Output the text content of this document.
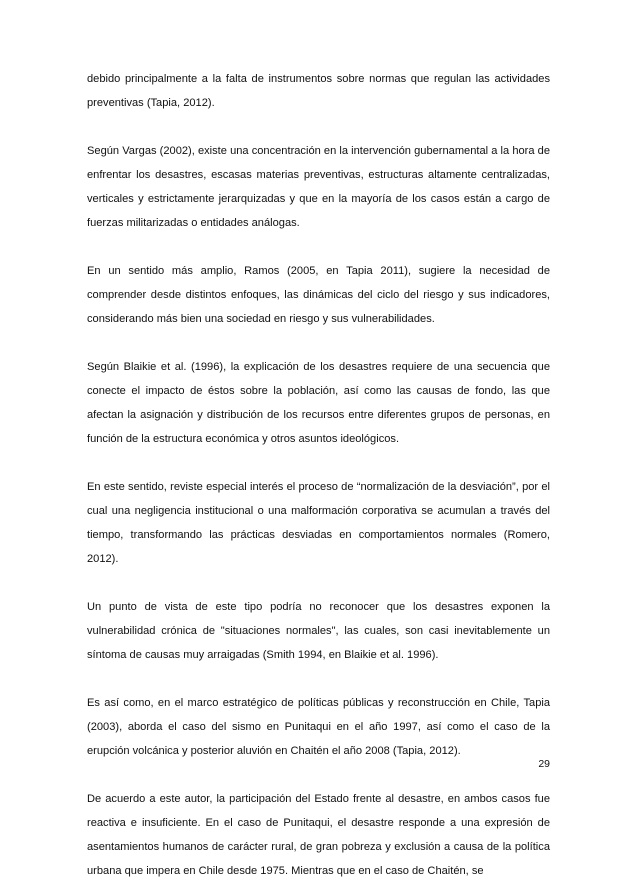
debido principalmente a la falta de instrumentos sobre normas que regulan las actividades preventivas (Tapia, 2012).

Según Vargas (2002), existe una concentración en la intervención gubernamental a la hora de enfrentar los desastres, escasas materias preventivas, estructuras altamente centralizadas, verticales y estrictamente jerarquizadas y que en la mayoría de los casos están a cargo de fuerzas militarizadas o entidades análogas.

En un sentido más amplio, Ramos (2005, en Tapia 2011), sugiere la necesidad de comprender desde distintos enfoques, las dinámicas del ciclo del riesgo y sus indicadores, considerando más bien una sociedad en riesgo y sus vulnerabilidades.

Según Blaikie et al. (1996), la explicación de los desastres requiere de una secuencia que conecte el impacto de éstos sobre la población, así como las causas de fondo, las que afectan la asignación y distribución de los recursos entre diferentes grupos de personas, en función de la estructura económica y otros asuntos ideológicos.

En este sentido, reviste especial interés el proceso de “normalización de la desviación”, por el cual una negligencia institucional o una malformación corporativa se acumulan a través del tiempo, transformando las prácticas desviadas en comportamientos normales (Romero, 2012).

Un punto de vista de este tipo podría no reconocer que los desastres exponen la vulnerabilidad crónica de "situaciones normales", las cuales, son casi inevitablemente un síntoma de causas muy arraigadas (Smith 1994, en Blaikie et al. 1996).

Es así como, en el marco estratégico de políticas públicas y reconstrucción en Chile, Tapia (2003), aborda el caso del sismo en Punitaqui en el año 1997, así como el caso de la erupción volcánica y posterior aluvión en Chaitén el año 2008 (Tapia, 2012).

De acuerdo a este autor, la participación del Estado frente al desastre, en ambos casos fue reactiva e insuficiente. En el caso de Punitaqui, el desastre responde a una expresión de asentamientos humanos de carácter rural, de gran pobreza y exclusión a causa de la política urbana que impera en Chile desde 1975. Mientras que en el caso de Chaitén, se

29
